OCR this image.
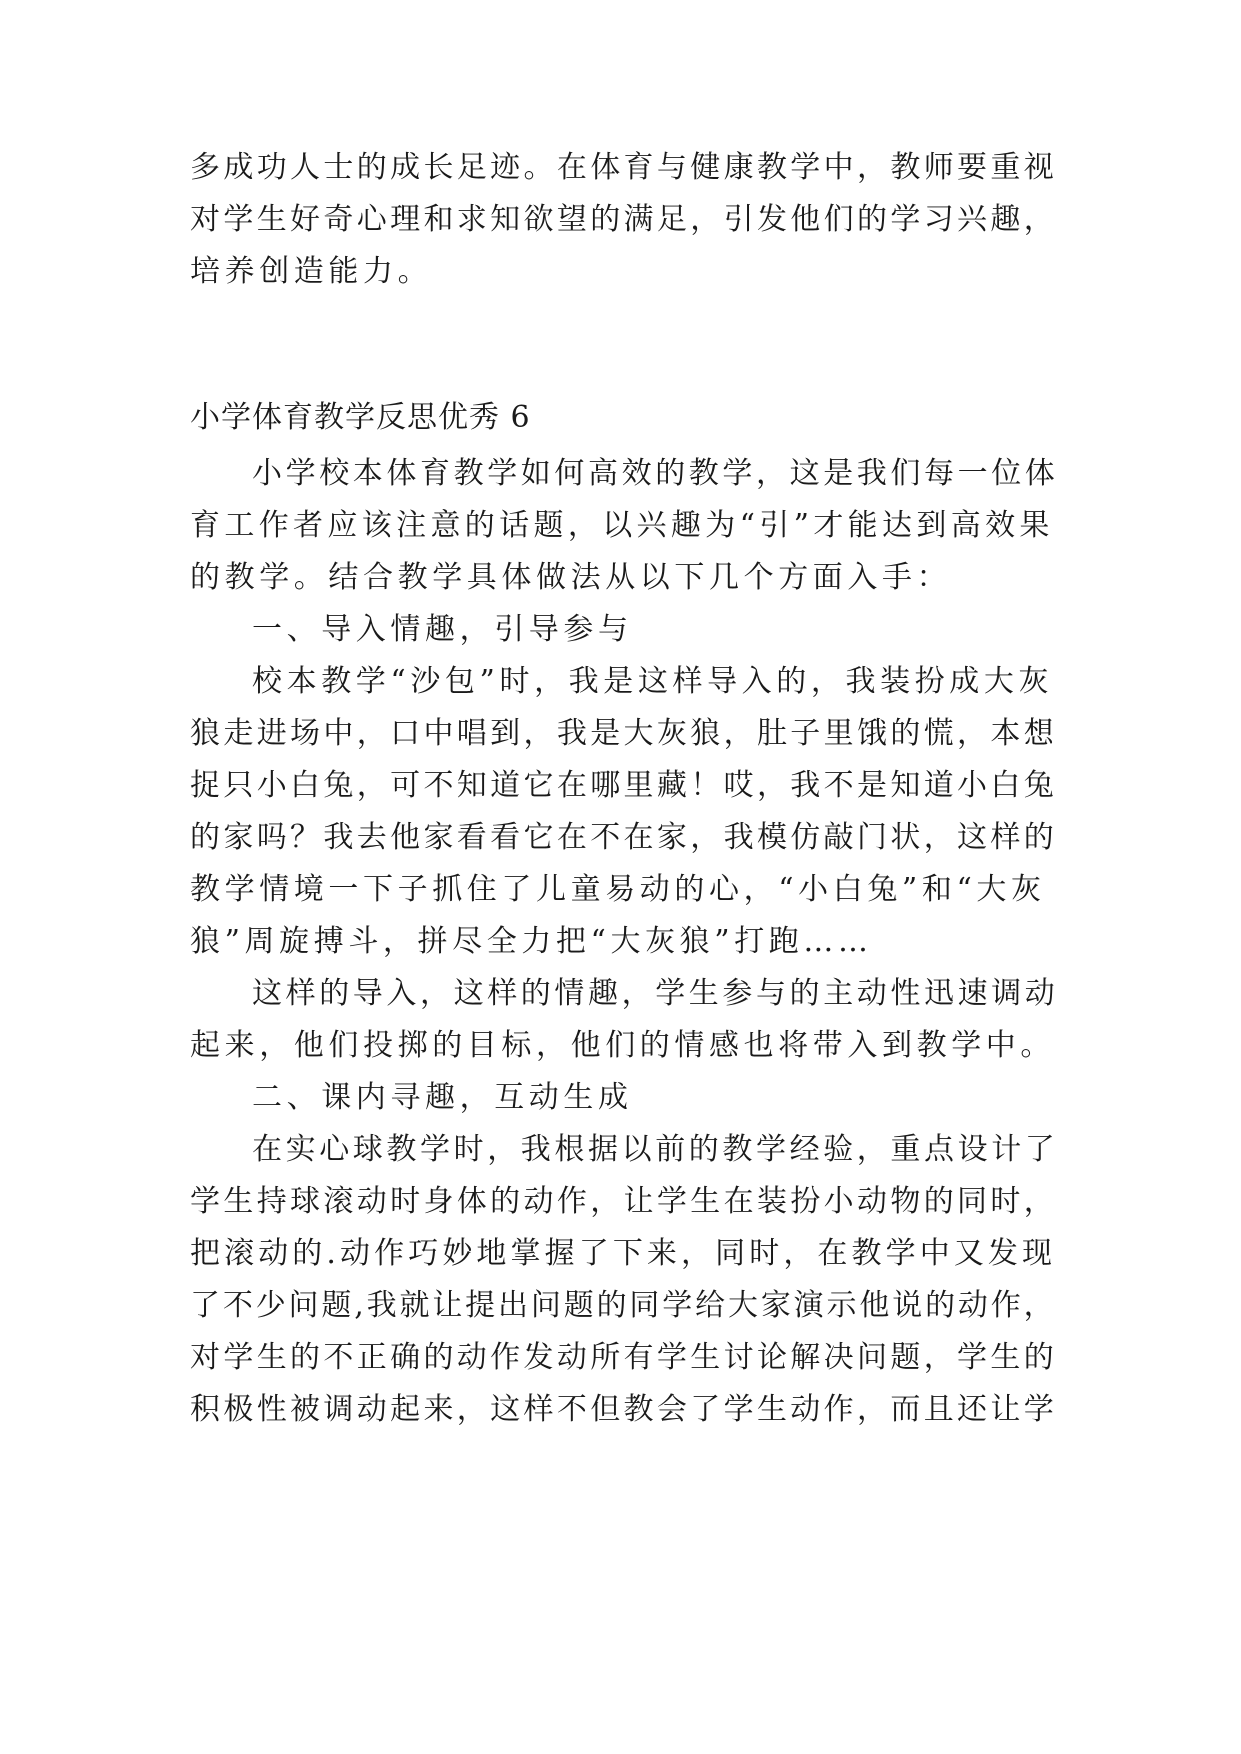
多成功人士的成长足迹。在体育与健康教学中，教师要重视
对学生好奇心理和求知欲望的满足，引发他们的学习兴趣，
培养创造能力。
小学体育教学反思优秀 6
小学校本体育教学如何高效的教学，这是我们每一位体
育工作者应该注意的话题，以兴趣为“引”才能达到高效果
的教学。结合教学具体做法从以下几个方面入手：
一、导入情趣，引导参与
校本教学“沙包”时，我是这样导入的，我装扮成大灰
狼走进场中，口中唱到，我是大灰狼，肚子里饿的慌，本想
捉只小白兔，可不知道它在哪里藏！哎，我不是知道小白兔
的家吗？我去他家看看它在不在家，我模仿敲门状，这样的
教学情境一下子抓住了儿童易动的心，“小白兔”和“大灰
狼”周旋搏斗，拼尽全力把“大灰狼”打跑……
这样的导入，这样的情趣，学生参与的主动性迅速调动
起来，他们投掷的目标，他们的情感也将带入到教学中。
二、课内寻趣，互动生成
在实心球教学时，我根据以前的教学经验，重点设计了
学生持球滚动时身体的动作，让学生在装扮小动物的同时，
把滚动的.动作巧妙地掌握了下来，同时，在教学中又发现
了不少问题,我就让提出问题的同学给大家演示他说的动作，
对学生的不正确的动作发动所有学生讨论解决问题，学生的
积极性被调动起来，这样不但教会了学生动作，而且还让学
